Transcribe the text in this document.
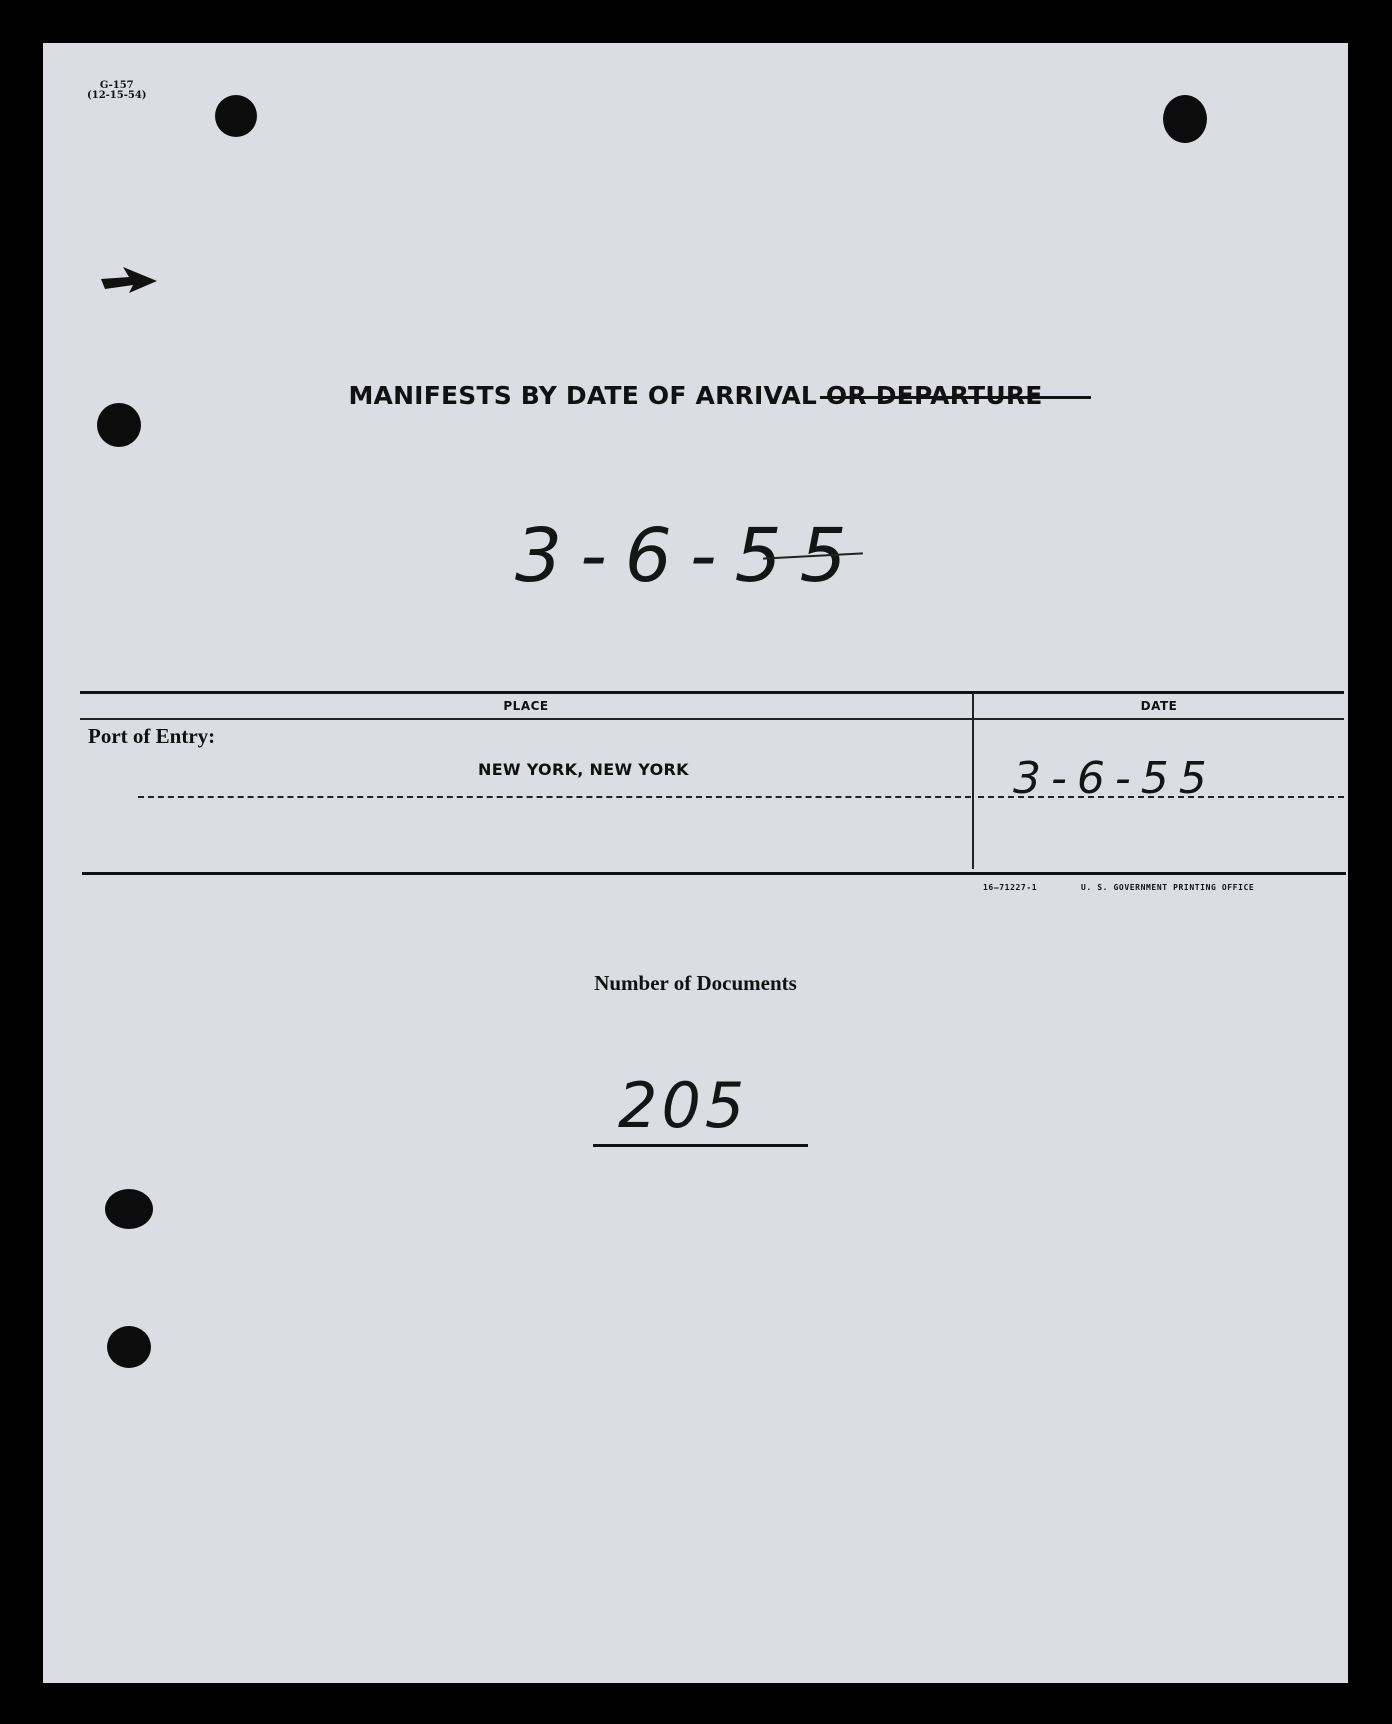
G-157
(12-15-54)
MANIFESTS BY DATE OF ARRIVAL OR DEPARTURE
3-6-55
PLACE	DATE
Port of Entry:
NEW YORK, NEW YORK	3-6-55
16—71227-1	U. S. GOVERNMENT PRINTING OFFICE
Number of Documents
205
